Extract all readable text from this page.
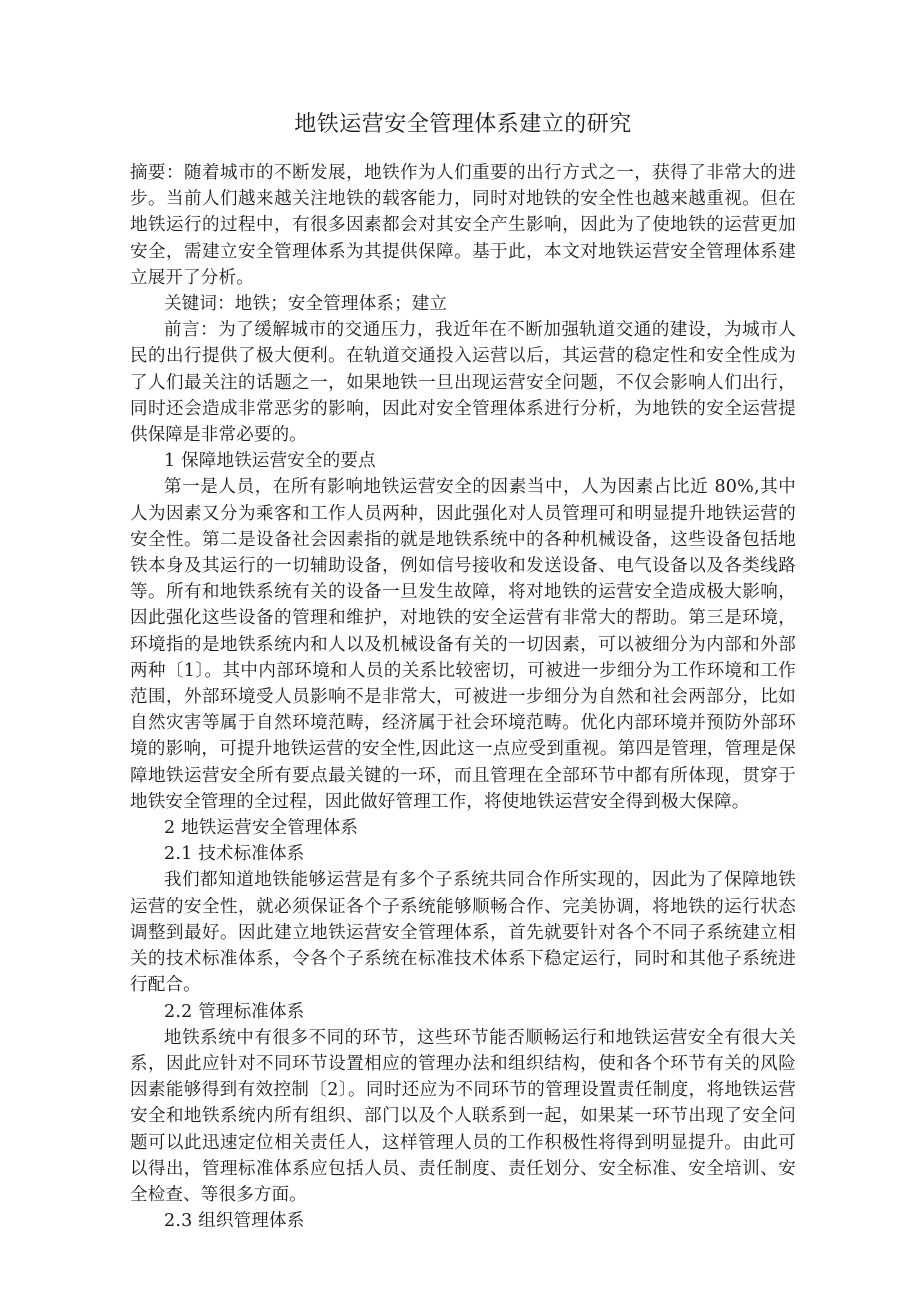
地铁运营安全管理体系建立的研究

摘要：随着城市的不断发展，地铁作为人们重要的出行方式之一，获得了非常大的进步。当前人们越来越关注地铁的载客能力，同时对地铁的安全性也越来越重视。但在地铁运行的过程中，有很多因素都会对其安全产生影响，因此为了使地铁的运营更加安全，需建立安全管理体系为其提供保障。基于此，本文对地铁运营安全管理体系建立展开了分析。

关键词：地铁；安全管理体系；建立

前言：为了缓解城市的交通压力，我近年在不断加强轨道交通的建设，为城市人民的出行提供了极大便利。在轨道交通投入运营以后，其运营的稳定性和安全性成为了人们最关注的话题之一，如果地铁一旦出现运营安全问题，不仅会影响人们出行，同时还会造成非常恶劣的影响，因此对安全管理体系进行分析，为地铁的安全运营提供保障是非常必要的。

1 保障地铁运营安全的要点

第一是人员，在所有影响地铁运营安全的因素当中，人为因素占比近 80%,其中人为因素又分为乘客和工作人员两种，因此强化对人员管理可和明显提升地铁运营的安全性。第二是设备社会因素指的就是地铁系统中的各种机械设备，这些设备包括地铁本身及其运行的一切辅助设备，例如信号接收和发送设备、电气设备以及各类线路等。所有和地铁系统有关的设备一旦发生故障，将对地铁的运营安全造成极大影响，因此强化这些设备的管理和维护，对地铁的安全运营有非常大的帮助。第三是环境，环境指的是地铁系统内和人以及机械设备有关的一切因素，可以被细分为内部和外部两种〔1〕。其中内部环境和人员的关系比较密切，可被进一步细分为工作环境和工作范围，外部环境受人员影响不是非常大，可被进一步细分为自然和社会两部分，比如自然灾害等属于自然环境范畴，经济属于社会环境范畴。优化内部环境并预防外部环境的影响，可提升地铁运营的安全性,因此这一点应受到重视。第四是管理，管理是保障地铁运营安全所有要点最关键的一环，而且管理在全部环节中都有所体现，贯穿于地铁安全管理的全过程，因此做好管理工作，将使地铁运营安全得到极大保障。

2 地铁运营安全管理体系

2.1 技术标准体系

我们都知道地铁能够运营是有多个子系统共同合作所实现的，因此为了保障地铁运营的安全性，就必须保证各个子系统能够顺畅合作、完美协调，将地铁的运行状态调整到最好。因此建立地铁运营安全管理体系，首先就要针对各个不同子系统建立相关的技术标准体系，令各个子系统在标准技术体系下稳定运行，同时和其他子系统进行配合。

2.2 管理标准体系

地铁系统中有很多不同的环节，这些环节能否顺畅运行和地铁运营安全有很大关系，因此应针对不同环节设置相应的管理办法和组织结构，使和各个环节有关的风险因素能够得到有效控制〔2〕。同时还应为不同环节的管理设置责任制度，将地铁运营安全和地铁系统内所有组织、部门以及个人联系到一起，如果某一环节出现了安全问题可以此迅速定位相关责任人，这样管理人员的工作积极性将得到明显提升。由此可以得出，管理标准体系应包括人员、责任制度、责任划分、安全标准、安全培训、安全检查、等很多方面。

2.3 组织管理体系
